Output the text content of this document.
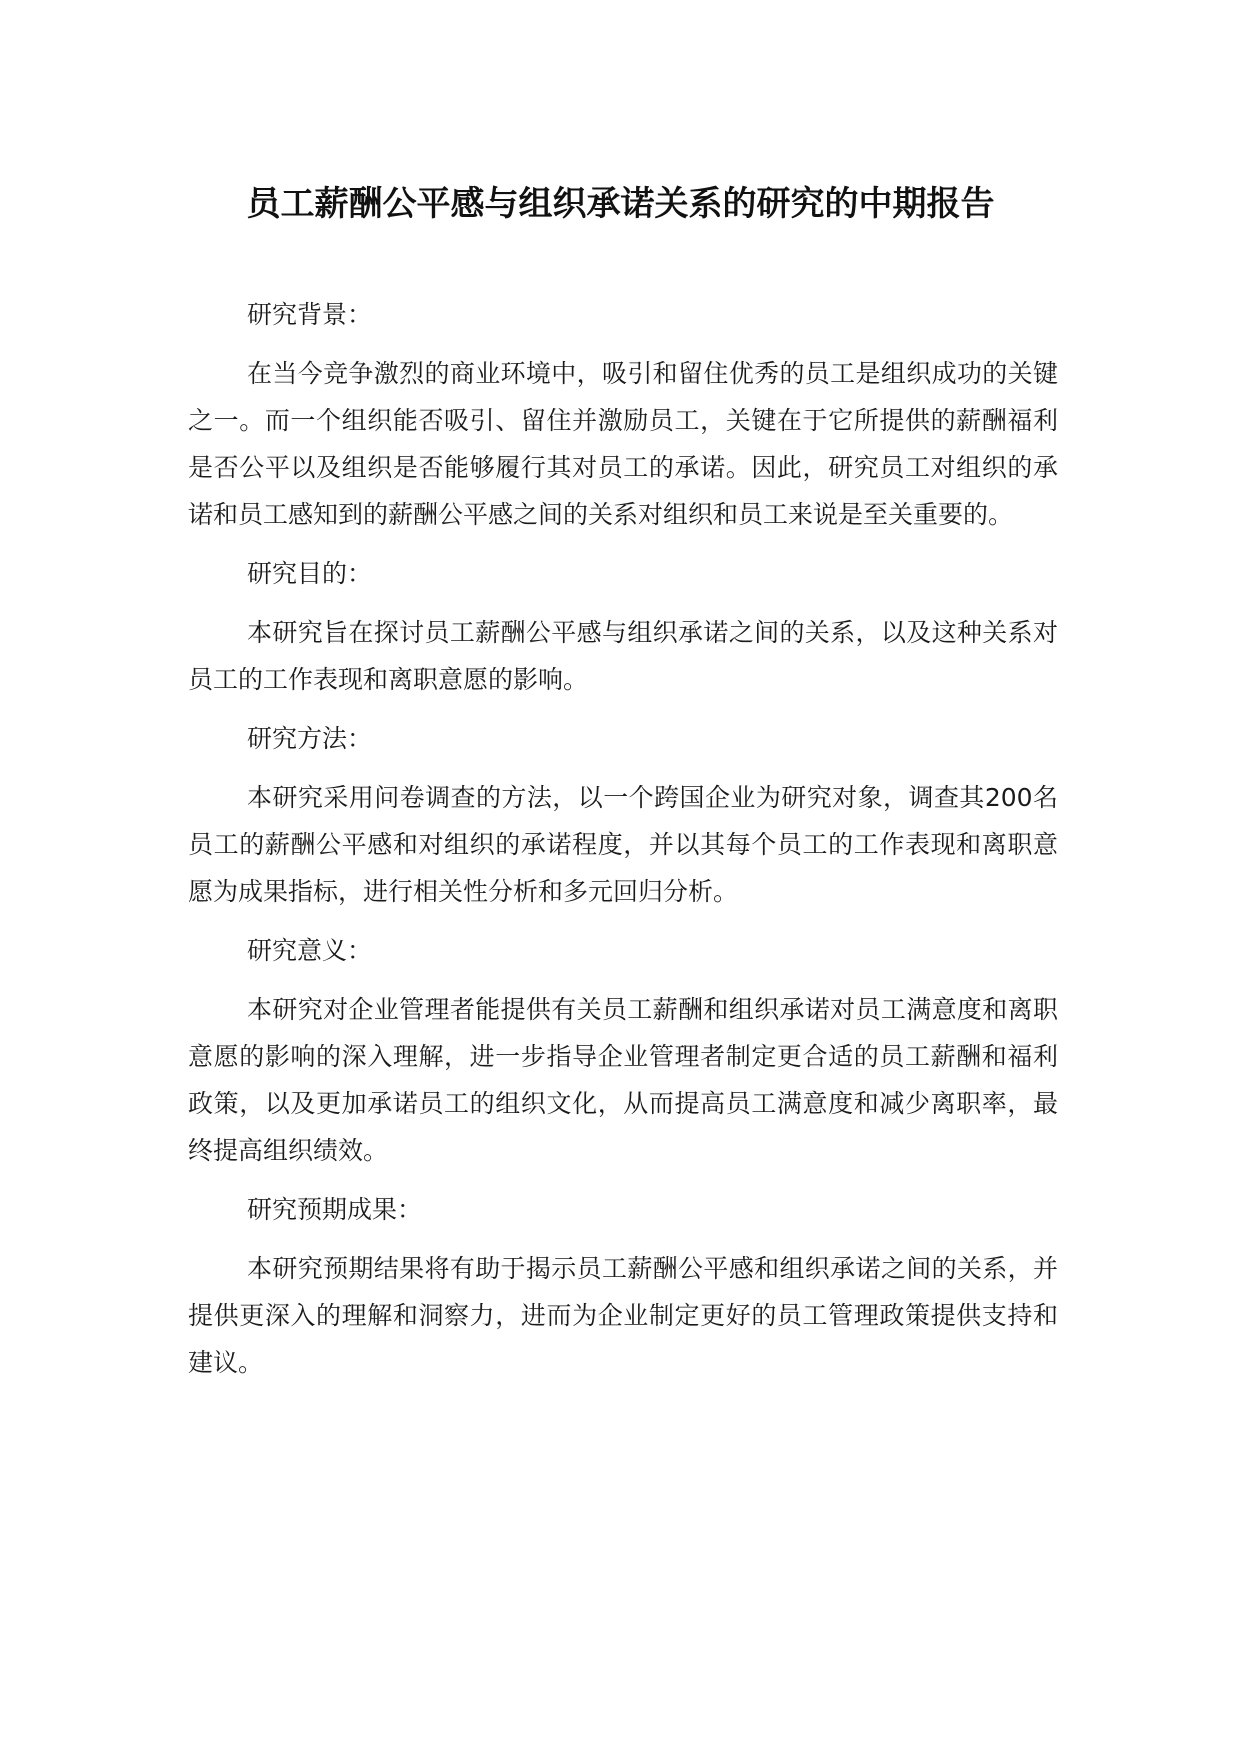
员工薪酬公平感与组织承诺关系的研究的中期报告

研究背景：

在当今竞争激烈的商业环境中，吸引和留住优秀的员工是组织成功的关键之一。而一个组织能否吸引、留住并激励员工，关键在于它所提供的薪酬福利是否公平以及组织是否能够履行其对员工的承诺。因此，研究员工对组织的承诺和员工感知到的薪酬公平感之间的关系对组织和员工来说是至关重要的。

研究目的：

本研究旨在探讨员工薪酬公平感与组织承诺之间的关系，以及这种关系对员工的工作表现和离职意愿的影响。

研究方法：

本研究采用问卷调查的方法，以一个跨国企业为研究对象，调查其200名员工的薪酬公平感和对组织的承诺程度，并以其每个员工的工作表现和离职意愿为成果指标，进行相关性分析和多元回归分析。

研究意义：

本研究对企业管理者能提供有关员工薪酬和组织承诺对员工满意度和离职意愿的影响的深入理解，进一步指导企业管理者制定更合适的员工薪酬和福利政策，以及更加承诺员工的组织文化，从而提高员工满意度和减少离职率，最终提高组织绩效。

研究预期成果：

本研究预期结果将有助于揭示员工薪酬公平感和组织承诺之间的关系，并提供更深入的理解和洞察力，进而为企业制定更好的员工管理政策提供支持和建议。
